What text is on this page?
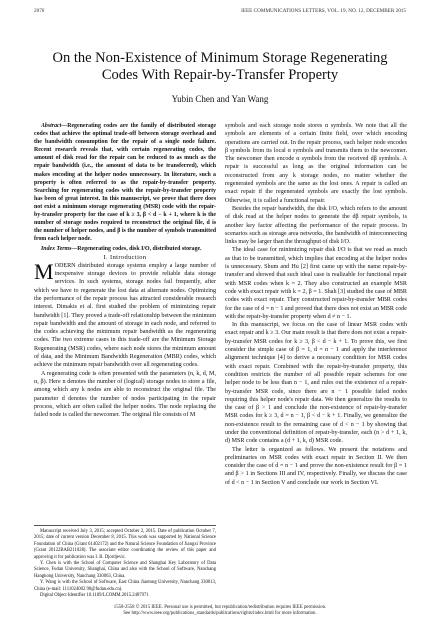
2070	IEEE COMMUNICATIONS LETTERS, VOL. 19, NO. 12, DECEMBER 2015
On the Non-Existence of Minimum Storage Regenerating Codes With Repair-by-Transfer Property
Yubin Chen and Yan Wang

Abstract—Regenerating codes are the family of distributed storage codes that achieve the optimal trade-off between storage overhead and the bandwidth consumption for the repair of a single node failure. Recent research reveals that, with certain regenerating codes, the amount of disk read for the repair can be reduced to as much as the repair bandwidth (i.e., the amount of data to be transferred), which makes encoding at the helper nodes unnecessary. In literature, such a property is often referred to as the repair-by-transfer property. Searching for regenerating codes with the repair-by-transfer property has been of great interest. In this manuscript, we prove that there does not exist a minimum storage regenerating (MSR) code with the repair-by-transfer property for the case of k ≥ 3, β < d − k + 1, where k is the number of storage nodes required to reconstruct the original file, d is the number of helper nodes, and β is the number of symbols transmitted from each helper node.

Index Terms—Regenerating codes, disk I/O, distributed storage.

I. Introduction

MODERN distributed storage systems employ a large number of inexpensive storage devices to provide reliable data storage services. In such systems, storage nodes fail frequently, after which we have to regenerate the lost data at alternate nodes. Optimizing the performance of the repair process has attracted considerable research interest. Dimakis et al. first studied the problem of minimizing repair bandwidth [1]. They proved a trade-off relationship between the minimum repair bandwidth and the amount of storage in each node, and referred to the codes achieving the minimum repair bandwidth as the regenerating codes. The two extreme cases in this trade-off are the Minimum Storage Regenerating (MSR) codes, where each node stores the minimum amount of data, and the Minimum Bandwidth Regeneration (MBR) codes, which achieve the minimum repair bandwidth over all regenerating codes.

A regenerating code is often presented with the parameters (n, k, d, M, α, β). Here n denotes the number of (logical) storage nodes to store a file, among which any k nodes are able to reconstruct the original file. The parameter d denotes the number of nodes participating in the repair process, which are often called the helper nodes. The node replacing the failed node is called the newcomer. The original file consists of M

symbols and each storage node stores α symbols. We note that all the symbols are elements of a certain finite field, over which encoding operations are carried out. In the repair process, each helper node encodes β symbols from its local α symbols and transmits them to the newcomer. The newcomer then encode α symbols from the received dβ symbols. A repair is successful as long as the original information can be reconstructed from any k storage nodes, no matter whether the regenerated symbols are the same as the lost ones. A repair is called an exact repair if the regenerated symbols are exactly the lost symbols. Otherwise, it is called a functional repair.

Besides the repair bandwidth, the disk I/O, which refers to the amount of disk read at the helper nodes to generate the dβ repair symbols, is another key factor affecting the performance of the repair process. In scenarios such as storage area networks, the bandwidth of interconnecting links may be larger than the throughput of disk I/O.

The ideal case for minimizing repair disk I/O is that we read as much as that to be transmitted, which implies that encoding at the helper nodes is unnecessary. Shum and Hu [2] first came up with the name repair-by-transfer and showed that such ideal case is realizable for functional repair with MSR codes when k = 2. They also constructed an example MSR code with exact repair with k = 2, β = 1. Shah [3] studied the case of MBR codes with exact repair. They constructed repair-by-transfer MBR codes for the case of d = n − 1 and proved that there does not exist an MBR code with the repair-by-transfer property when d ≠ n − 1.

In this manuscript, we focus on the case of linear MSR codes with exact repair and k ≥ 3. Our main result is that there does not exist a repair-by-transfer MSR codes for k ≥ 3, β < d − k + 1. To prove this, we first consider the simple case of β = 1, d = n − 1 and apply the interference alignment technique [4] to derive a necessary condition for MSR codes with exact repair. Combined with the repair-by-transfer property, this condition restricts the number of all possible repair schemes for one helper node to be less than n − 1, and rules out the existence of a repair-by-transfer MSR code, since there are n − 1 possible failed nodes requiring this helper node's repair data. We then generalize the results to the case of β > 1 and conclude the non-existence of repair-by-transfer MSR codes for k ≥ 3, d = n − 1, β < d − k + 1. Finally, we generalize the non-existence result to the remaining case of d < n − 1 by showing that under the conventional definition of repair-by-transfer, each (n > d + 1, k, d) MSR code contains a (d + 1, k, d) MSR code.

The letter is organized as follows. We present the notations and preliminaries on MSR codes with exact repair in Section II. We then consider the case of d = n − 1 and prove the non-existence result for β = 1 and β > 1 in Sections III and IV, respectively. Finally, we discuss the case of d < n − 1 in Section V and conclude our work in Section VI.

Manuscript received July 3, 2015; accepted October 2, 2015. Date of publication October 7, 2015; date of current version December 8, 2015. This work was supported by National Science Foundation of China (Grant 61402172) and the Natural Science Foundation of Jiangxi Province (Grant 20122BAB211028). The associate editor coordinating the review of this paper and approving it for publication was I. B. Djordjevic.

Y. Chen is with the School of Computer Science and Shanghai Key Laboratory of Data Science, Fudan University, Shanghai, China and also with the School of Software, Nanchang Hangkong University, Nanchang 330063, China.

Y. Wang is with the School of Software, East China Jiaotong University, Nanchang 330013, China (e-mail: 1111024002 90@fudan.edu.cn).

Digital Object Identifier 10.1109/LCOMM.2015.2487971

1558-2558 © 2015 IEEE. Personal use is permitted, but republication/redistribution requires IEEE permission.
See http://www.ieee.org/publications_standards/publications/rights/index.html for more information.
